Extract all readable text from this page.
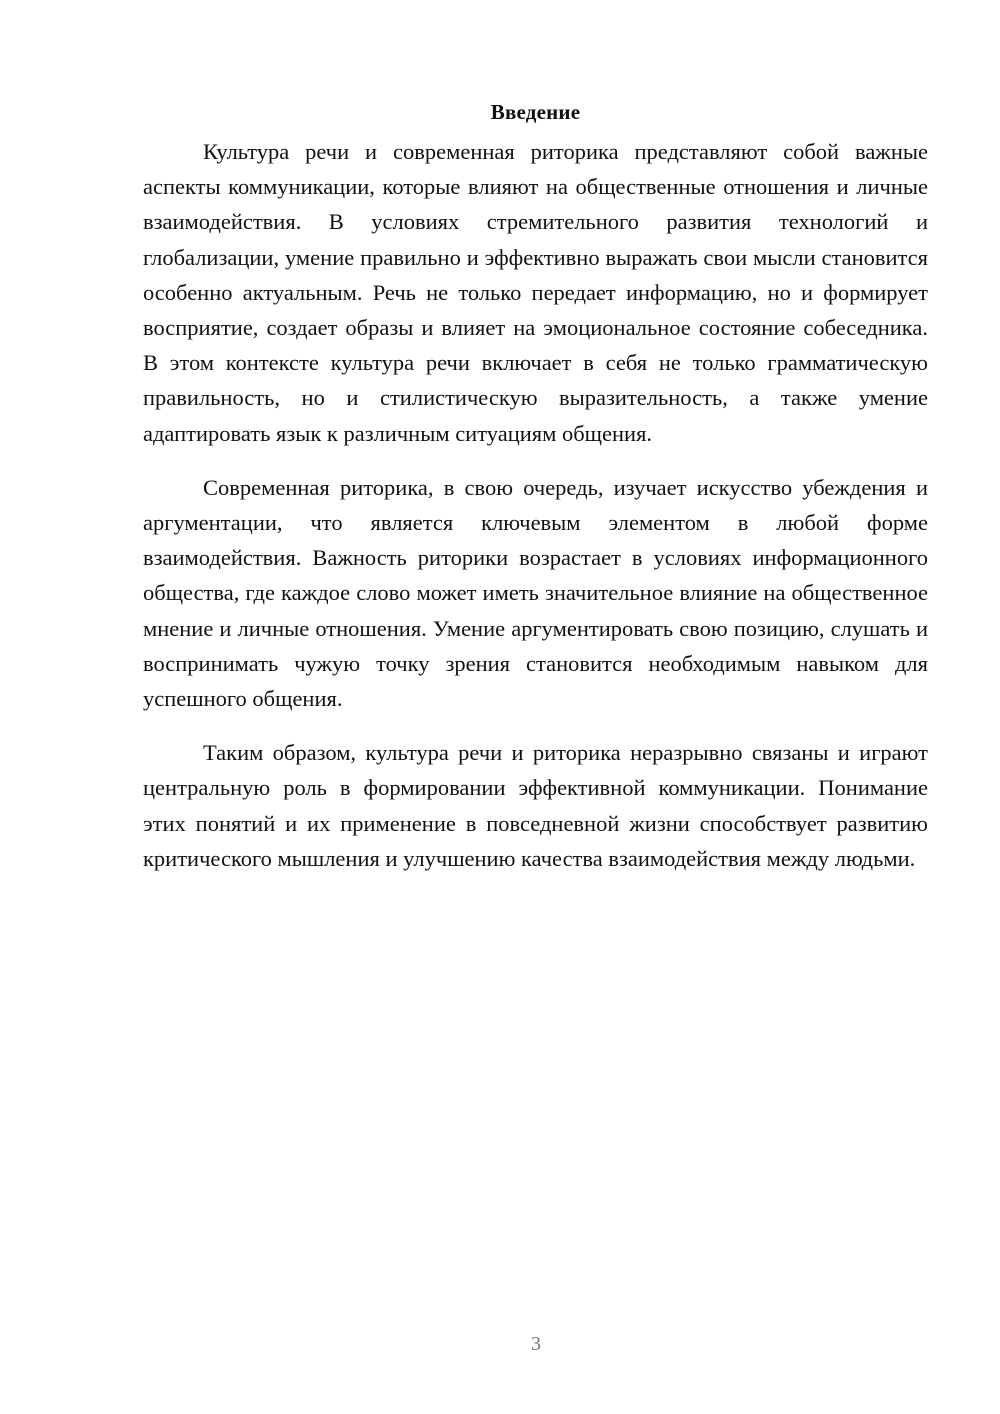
Введение

Культура речи и современная риторика представляют собой важные аспекты коммуникации, которые влияют на общественные отношения и личные взаимодействия. В условиях стремительного развития технологий и глобализации, умение правильно и эффективно выражать свои мысли становится особенно актуальным. Речь не только передает информацию, но и формирует восприятие, создает образы и влияет на эмоциональное состояние собеседника. В этом контексте культура речи включает в себя не только грамматическую правильность, но и стилистическую выразительность, а также умение адаптировать язык к различным ситуациям общения.

Современная риторика, в свою очередь, изучает искусство убеждения и аргументации, что является ключевым элементом в любой форме взаимодействия. Важность риторики возрастает в условиях информационного общества, где каждое слово может иметь значительное влияние на общественное мнение и личные отношения. Умение аргументировать свою позицию, слушать и воспринимать чужую точку зрения становится необходимым навыком для успешного общения.

Таким образом, культура речи и риторика неразрывно связаны и играют центральную роль в формировании эффективной коммуникации. Понимание этих понятий и их применение в повседневной жизни способствует развитию критического мышления и улучшению качества взаимодействия между людьми.

3
